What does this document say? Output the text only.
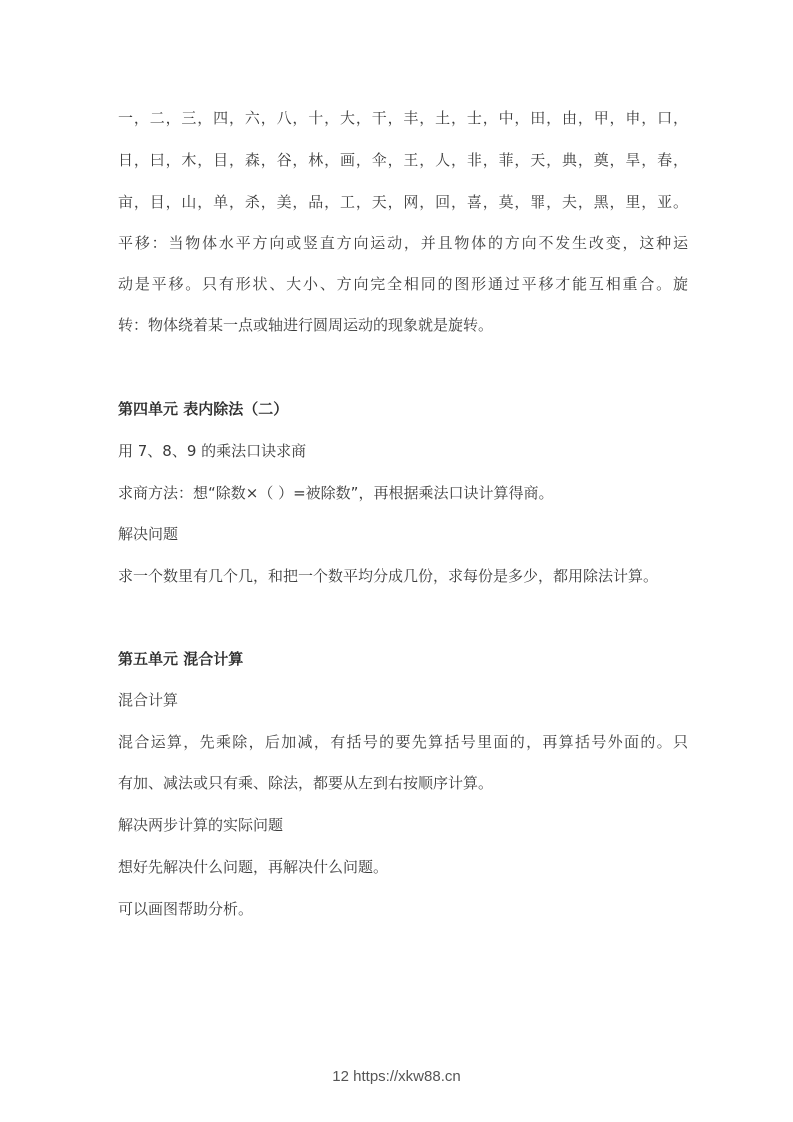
一，二，三，四，六，八，十，大，干，丰，土，士，中，田，由，甲，申，口，
日，曰，木，目，森，谷，林，画，伞，王，人，非，菲，天，典，奠，旱，春，
亩，目，山，单，杀，美，品，工，天，网，回，喜，莫，罪，夫，黑，里，亚。
平移：当物体水平方向或竖直方向运动，并且物体的方向不发生改变，这种运
动是平移。只有形状、大小、方向完全相同的图形通过平移才能互相重合。旋
转：物体绕着某一点或轴进行圆周运动的现象就是旋转。
第四单元 表内除法（二）
用 7、8、9 的乘法口诀求商
求商方法：想“除数×（ ）=被除数”，再根据乘法口诀计算得商。
解决问题
求一个数里有几个几，和把一个数平均分成几份，求每份是多少，都用除法计算。
第五单元 混合计算
混合计算
混合运算，先乘除，后加减，有括号的要先算括号里面的，再算括号外面的。只
有加、减法或只有乘、除法，都要从左到右按顺序计算。
解决两步计算的实际问题
想好先解决什么问题，再解决什么问题。
可以画图帮助分析。
12 https://xkw88.cn
